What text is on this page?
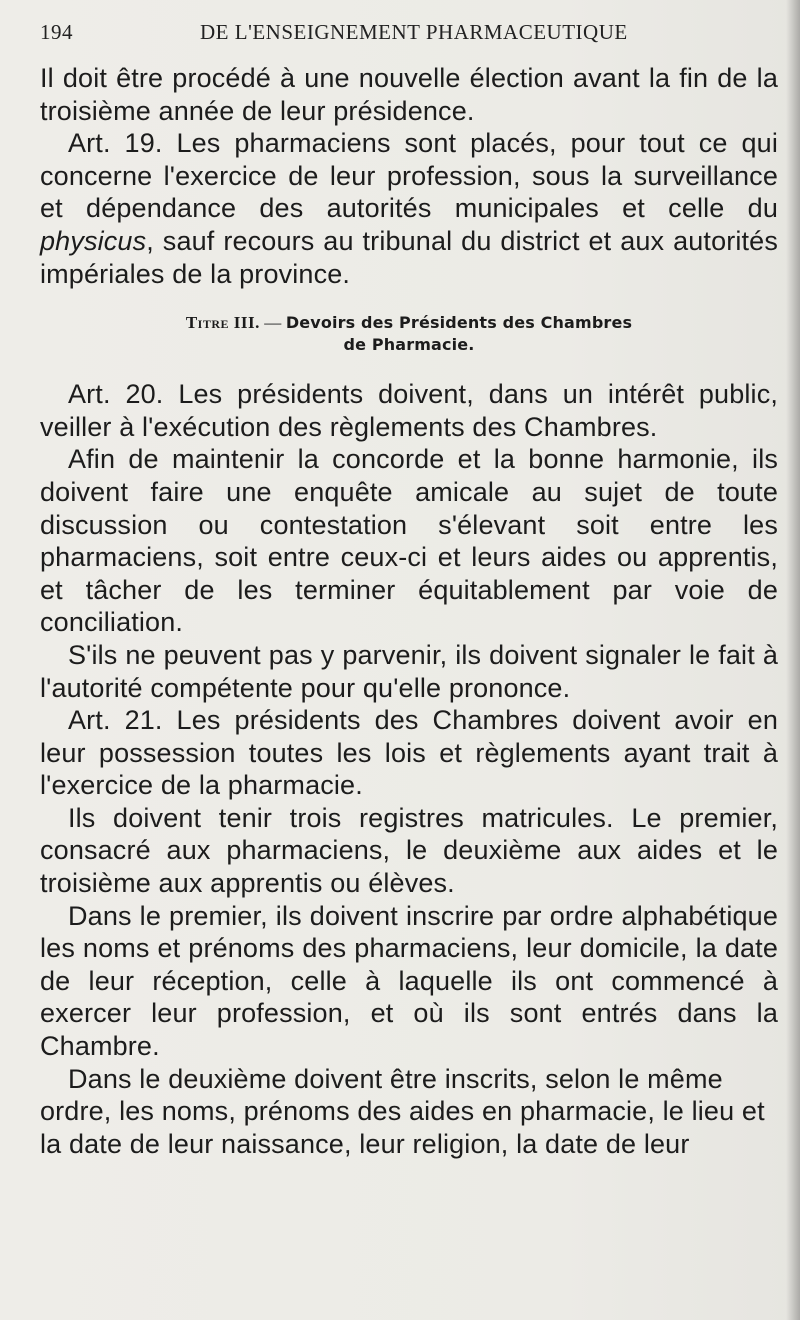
194	DE L'ENSEIGNEMENT PHARMACEUTIQUE

Il doit être procédé à une nouvelle élection avant la fin de la troisième année de leur présidence.

Art. 19. Les pharmaciens sont placés, pour tout ce qui concerne l'exercice de leur profession, sous la surveillance et dépendance des autorités municipales et celle du physicus, sauf recours au tribunal du district et aux autorités impériales de la province.

Titre III. — Devoirs des Présidents des Chambres
de Pharmacie.

Art. 20. Les présidents doivent, dans un intérêt public, veiller à l'exécution des règlements des Chambres.

Afin de maintenir la concorde et la bonne harmonie, ils doivent faire une enquête amicale au sujet de toute discussion ou contestation s'élevant soit entre les pharmaciens, soit entre ceux-ci et leurs aides ou apprentis, et tâcher de les terminer équitablement par voie de conciliation.

S'ils ne peuvent pas y parvenir, ils doivent signaler le fait à l'autorité compétente pour qu'elle prononce.

Art. 21. Les présidents des Chambres doivent avoir en leur possession toutes les lois et règlements ayant trait à l'exercice de la pharmacie.

Ils doivent tenir trois registres matricules. Le premier, consacré aux pharmaciens, le deuxième aux aides et le troisième aux apprentis ou élèves.

Dans le premier, ils doivent inscrire par ordre alphabétique les noms et prénoms des pharmaciens, leur domicile, la date de leur réception, celle à laquelle ils ont commencé à exercer leur profession, et où ils sont entrés dans la Chambre.

Dans le deuxième doivent être inscrits, selon le même ordre, les noms, prénoms des aides en pharmacie, le lieu et la date de leur naissance, leur religion, la date de leur
